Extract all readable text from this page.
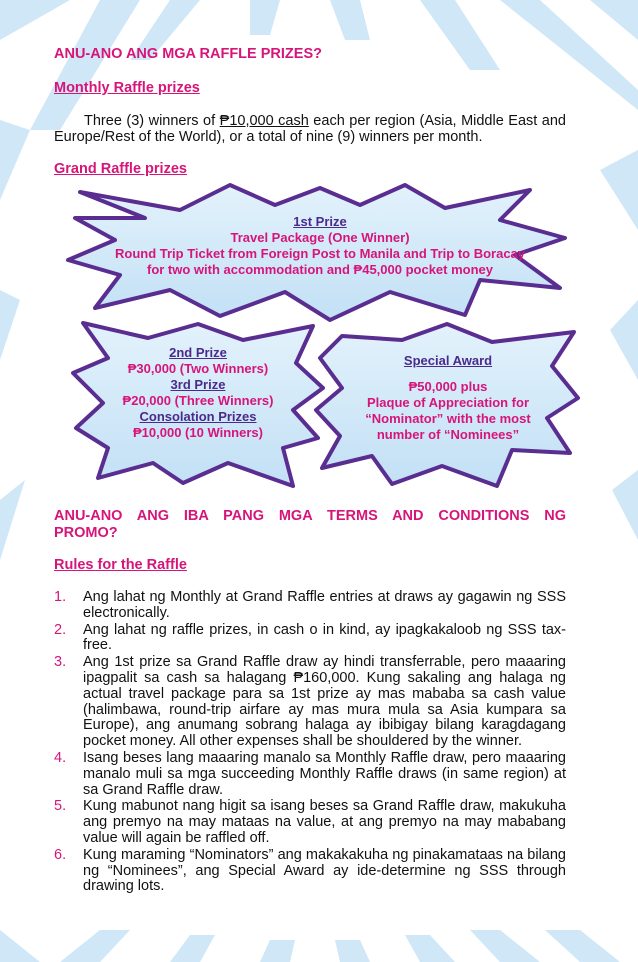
ANU-ANO ANG MGA RAFFLE PRIZES?
Monthly Raffle prizes

Three (3) winners of ₱10,000 cash each per region (Asia, Middle East and Europe/Rest of the World), or a total of nine (9) winners per month.

Grand Raffle prizes
1st Prize
Travel Package (One Winner)
Round Trip Ticket from Foreign Post to Manila and Trip to Boracay
for two with accommodation and ₱45,000 pocket money
2nd Prize
₱30,000 (Two Winners)
3rd Prize
₱20,000 (Three Winners)
Consolation Prizes
₱10,000 (10 Winners)
Special Award
₱50,000 plus
Plaque of Appreciation for
“Nominator” with the most
number of “Nominees”
ANU-ANO ANG IBA PANG MGA TERMS AND CONDITIONS NG PROMO?
Rules for the Raffle
1. Ang lahat ng Monthly at Grand Raffle entries at draws ay gagawin ng SSS electronically.
2. Ang lahat ng raffle prizes, in cash o in kind, ay ipagkakaloob ng SSS tax-free.
3. Ang 1st prize sa Grand Raffle draw ay hindi transferrable, pero maaaring ipagpalit sa cash sa halagang ₱160,000. Kung sakaling ang halaga ng actual travel package para sa 1st prize ay mas mababa sa cash value (halimbawa, round-trip airfare ay mas mura mula sa Asia kumpara sa Europe), ang anumang sobrang halaga ay ibibigay bilang karagdagang pocket money. All other expenses shall be shouldered by the winner.
4. Isang beses lang maaaring manalo sa Monthly Raffle draw, pero maaaring manalo muli sa mga succeeding Monthly Raffle draws (in same region) at sa Grand Raffle draw.
5. Kung mabunot nang higit sa isang beses sa Grand Raffle draw, makukuha ang premyo na may mataas na value, at ang premyo na may mababang value will again be raffled off.
6. Kung maraming “Nominators” ang makakakuha ng pinakamataas na bilang ng “Nominees”, ang Special Award ay ide-determine ng SSS through drawing lots.
